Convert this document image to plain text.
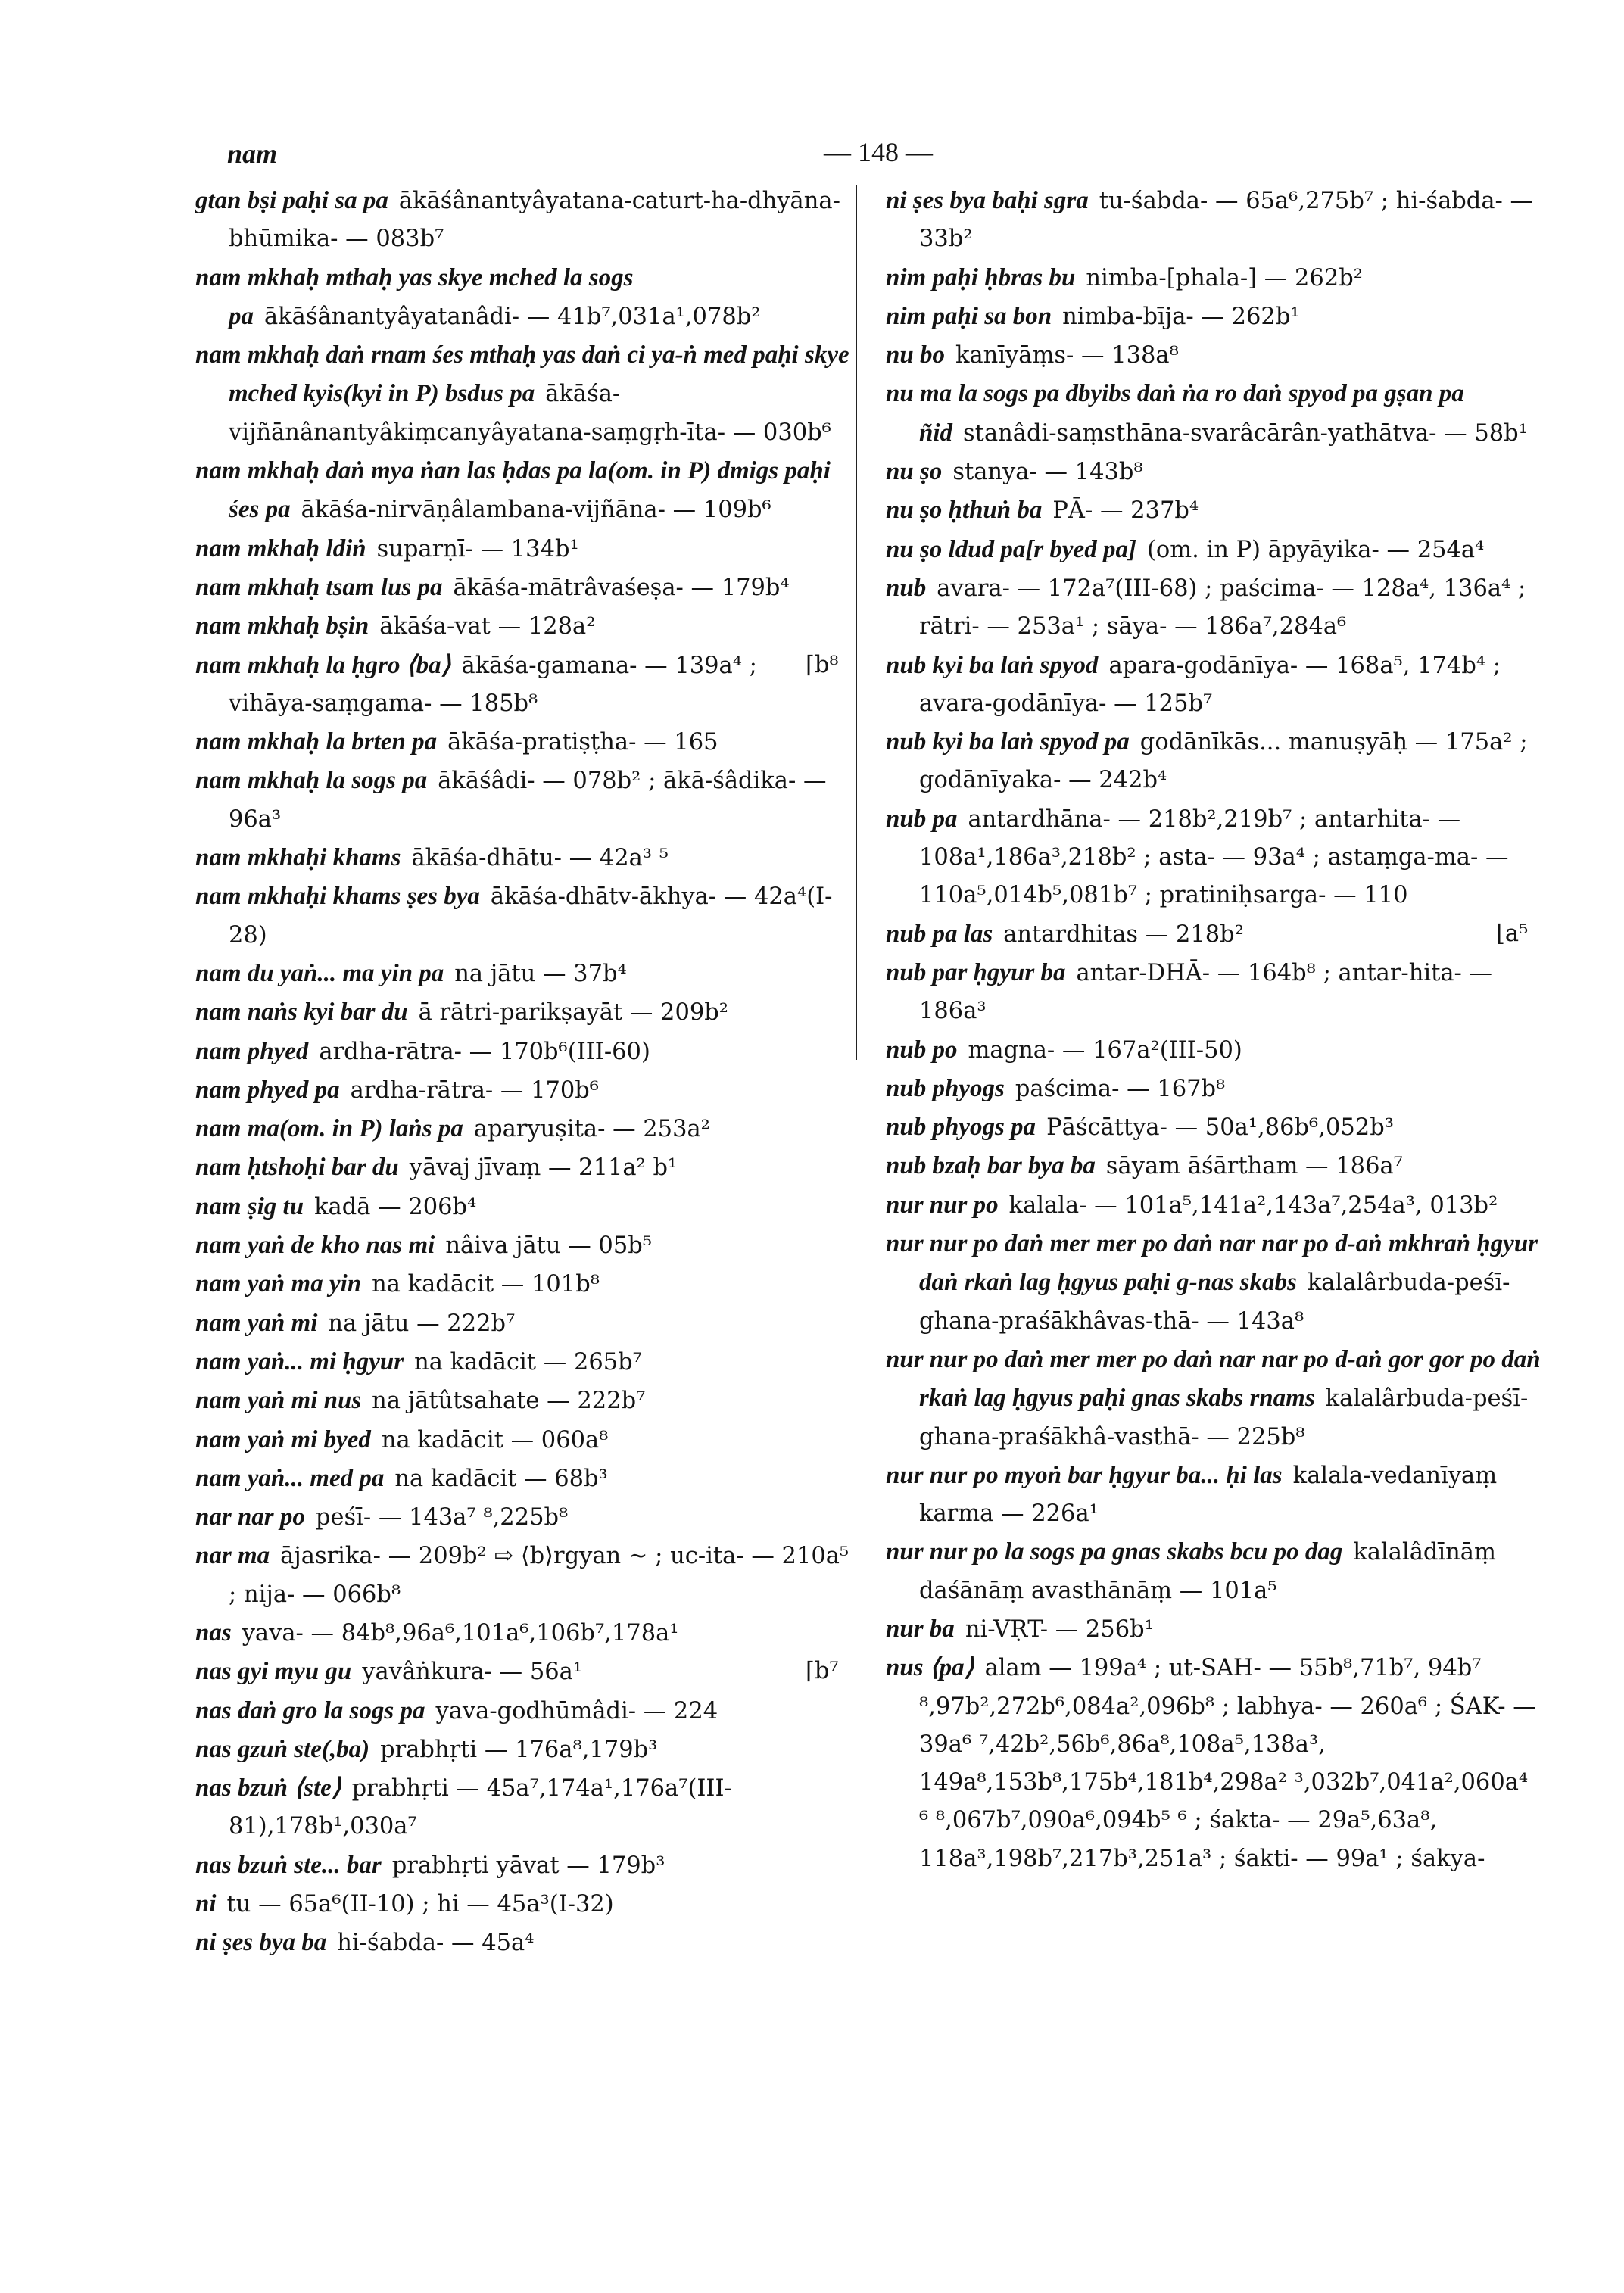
nam	— 148 —

gtan bṣi paḥi sa pa ākāśânantyâyatana-caturt-ha-dhyāna-bhūmika- — 083b⁷

nam mkhaḥ mthaḥ yas skye mched la sogs pa ākāśânantyâyatanâdi- — 41b⁷,031a¹,078b²

nam mkhaḥ daṅ rnam śes mthaḥ yas daṅ ci ya-ṅ med paḥi skye mched kyis(kyi in P) bsdus pa ākāśa-vijñānânantyâkiṃcanyâyatana-saṃgṛh-īta- — 030b⁶

nam mkhaḥ daṅ mya ṅan las ḥdas pa la(om. in P) dmigs paḥi śes pa ākāśa-nirvāṇâlambana-vijñāna- — 109b⁶

nam mkhaḥ ldiṅ suparṇī- — 134b¹

nam mkhaḥ tsam lus pa ākāśa-mātrâvaśeṣa- — 179b⁴

nam mkhaḥ bṣin ākāśa-vat — 128a²

⌈b⁸
nam mkhaḥ la ḥgro ⟨ba⟩ ākāśa-gamana- — 139a⁴ ; vihāya-saṃgama- — 185b⁸

nam mkhaḥ la brten pa ākāśa-pratiṣṭha- — 165

nam mkhaḥ la sogs pa ākāśâdi- — 078b² ; ākā-śâdika- — 96a³

nam mkhaḥi khams ākāśa-dhātu- — 42a³ ⁵

nam mkhaḥi khams ṣes bya ākāśa-dhātv-ākhya- — 42a⁴(I-28)

nam du yaṅ... ma yin pa na jātu — 37b⁴

nam naṅs kyi bar du ā rātri-parikṣayāt — 209b²

nam phyed ardha-rātra- — 170b⁶(III-60)

nam phyed pa ardha-rātra- — 170b⁶

nam ma(om. in P) laṅs pa aparyuṣita- — 253a²

nam ḥtshoḥi bar du yāvaj jīvaṃ — 211a² b¹

nam ṣig tu kadā — 206b⁴

nam yaṅ de kho nas mi nâiva jātu — 05b⁵

nam yaṅ ma yin na kadācit — 101b⁸

nam yaṅ mi na jātu — 222b⁷

nam yaṅ... mi ḥgyur na kadācit — 265b⁷

nam yaṅ mi nus na jātûtsahate — 222b⁷

nam yaṅ mi byed na kadācit — 060a⁸

nam yaṅ... med pa na kadācit — 68b³

nar nar po peśī- — 143a⁷ ⁸,225b⁸

nar ma ājasrika- — 209b² ⇨ ⟨b⟩rgyan ~ ; uc-ita- — 210a⁵ ; nija- — 066b⁸

nas yava- — 84b⁸,96a⁶,101a⁶,106b⁷,178a¹

⌈b⁷
nas gyi myu gu yavâṅkura- — 56a¹

nas daṅ gro la sogs pa yava-godhūmâdi- — 224

nas gzuṅ ste(,ba) prabhṛti — 176a⁸,179b³

nas bzuṅ ⟨ste⟩ prabhṛti — 45a⁷,174a¹,176a⁷(III-81),178b¹,030a⁷

nas bzuṅ ste... bar prabhṛti yāvat — 179b³

ni tu — 65a⁶(II-10) ; hi — 45a³(I-32)

ni ṣes bya ba hi-śabda- — 45a⁴

ni ṣes bya baḥi sgra tu-śabda- — 65a⁶,275b⁷ ; hi-śabda- — 33b²

nim paḥi ḥbras bu nimba-[phala-] — 262b²

nim paḥi sa bon nimba-bīja- — 262b¹

nu bo kanīyāṃs- — 138a⁸

nu ma la sogs pa dbyibs daṅ ṅa ro daṅ spyod pa gṣan pa ñid stanâdi-saṃsthāna-svarâcārân-yathātva- — 58b¹

nu ṣo stanya- — 143b⁸

nu ṣo ḥthuṅ ba PĀ- — 237b⁴

nu ṣo ldud pa[r byed pa] (om. in P) āpyāyika- — 254a⁴

nub avara- — 172a⁷(III-68) ; paścima- — 128a⁴, 136a⁴ ; rātri- — 253a¹ ; sāya- — 186a⁷,284a⁶

nub kyi ba laṅ spyod apara-godānīya- — 168a⁵, 174b⁴ ; avara-godānīya- — 125b⁷

nub kyi ba laṅ spyod pa godānīkās... manuṣyāḥ — 175a² ; godānīyaka- — 242b⁴

nub pa antardhāna- — 218b²,219b⁷ ; antarhita- — 108a¹,186a³,218b² ; asta- — 93a⁴ ; astaṃga-ma- — 110a⁵,014b⁵,081b⁷ ; pratiniḥsarga- — 110

⌊a⁵
nub pa las antardhitas — 218b²

nub par ḥgyur ba antar-DHĀ- — 164b⁸ ; antar-hita- — 186a³

nub po magna- — 167a²(III-50)

nub phyogs paścima- — 167b⁸

nub phyogs pa Pāścāttya- — 50a¹,86b⁶,052b³

nub bzaḥ bar bya ba sāyam āśārtham — 186a⁷

nur nur po kalala- — 101a⁵,141a²,143a⁷,254a³, 013b²

nur nur po daṅ mer mer po daṅ nar nar po d-aṅ mkhraṅ ḥgyur daṅ rkaṅ lag ḥgyus paḥi g-nas skabs kalalârbuda-peśī-ghana-praśākhâvas-thā- — 143a⁸

nur nur po daṅ mer mer po daṅ nar nar po d-aṅ gor gor po daṅ rkaṅ lag ḥgyus paḥi gnas skabs rnams kalalârbuda-peśī-ghana-praśākhâ-vasthā- — 225b⁸

nur nur po myoṅ bar ḥgyur ba... ḥi las kalala-vedanīyaṃ karma — 226a¹

nur nur po la sogs pa gnas skabs bcu po dag kalalâdīnāṃ daśānāṃ avasthānāṃ — 101a⁵

nur ba ni-VṚT- — 256b¹

nus ⟨pa⟩ alam — 199a⁴ ; ut-SAH- — 55b⁸,71b⁷, 94b⁷ ⁸,97b²,272b⁶,084a²,096b⁸ ; labhya- — 260a⁶ ; ŚAK- — 39a⁶ ⁷,42b²,56b⁶,86a⁸,108a⁵,138a³, 149a⁸,153b⁸,175b⁴,181b⁴,298a² ³,032b⁷,041a²,060a⁴ ⁶ ⁸,067b⁷,090a⁶,094b⁵ ⁶ ; śakta- — 29a⁵,63a⁸, 118a³,198b⁷,217b³,251a³ ; śakti- — 99a¹ ; śakya-
